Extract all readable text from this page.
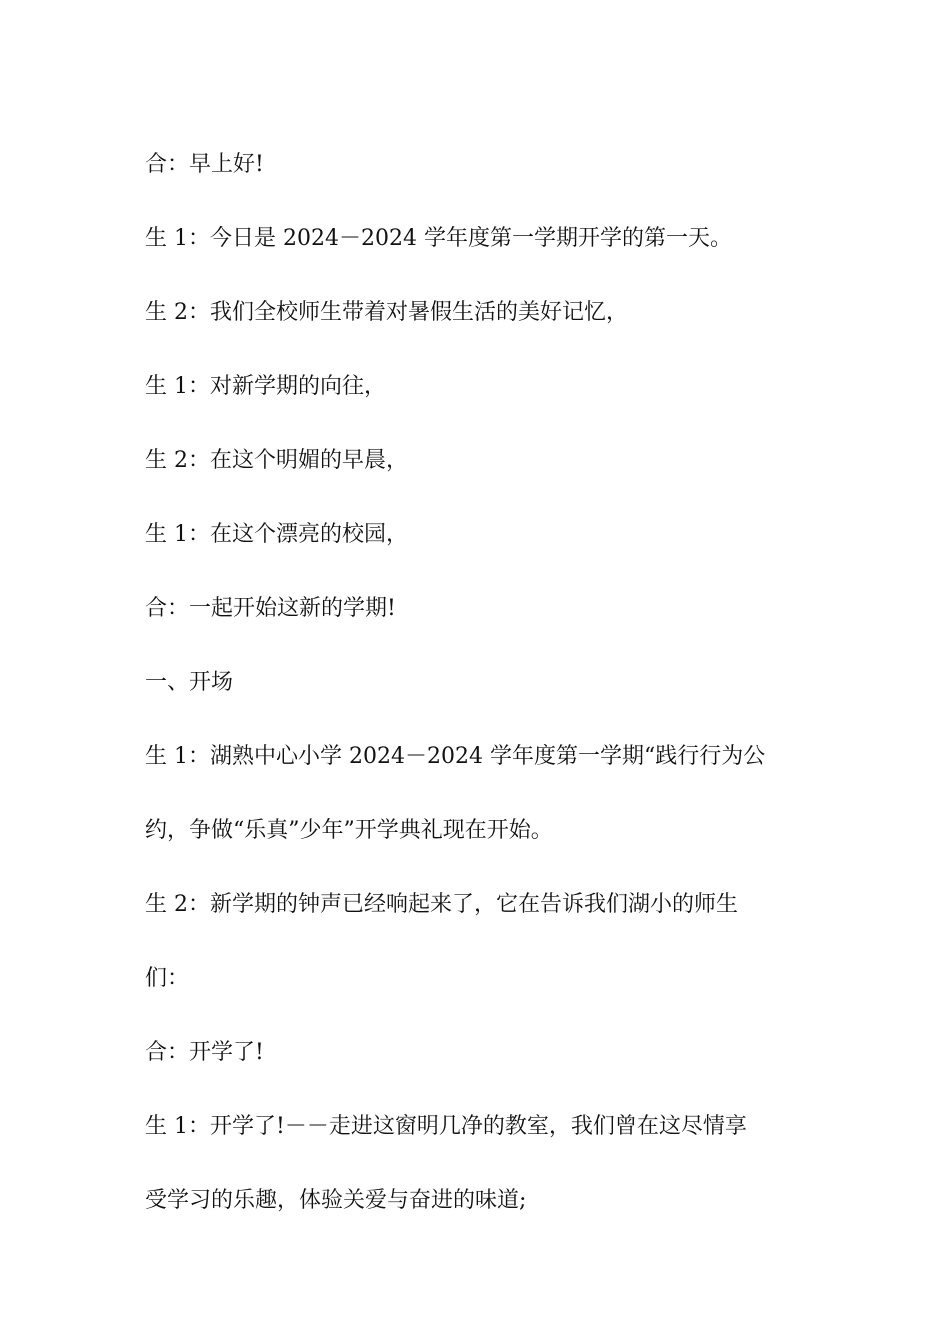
合：早上好!
生 1：今日是 2024－2024 学年度第一学期开学的第一天。
生 2：我们全校师生带着对暑假生活的美好记忆，
生 1：对新学期的向往，
生 2：在这个明媚的早晨，
生 1：在这个漂亮的校园，
合：一起开始这新的学期!
一、开场
生 1：湖熟中心小学 2024－2024 学年度第一学期“践行行为公
约，争做“乐真”少年”开学典礼现在开始。
生 2：新学期的钟声已经响起来了，它在告诉我们湖小的师生
们：
合：开学了!
生 1：开学了!－－走进这窗明几净的教室，我们曾在这尽情享
受学习的乐趣，体验关爱与奋进的味道;
